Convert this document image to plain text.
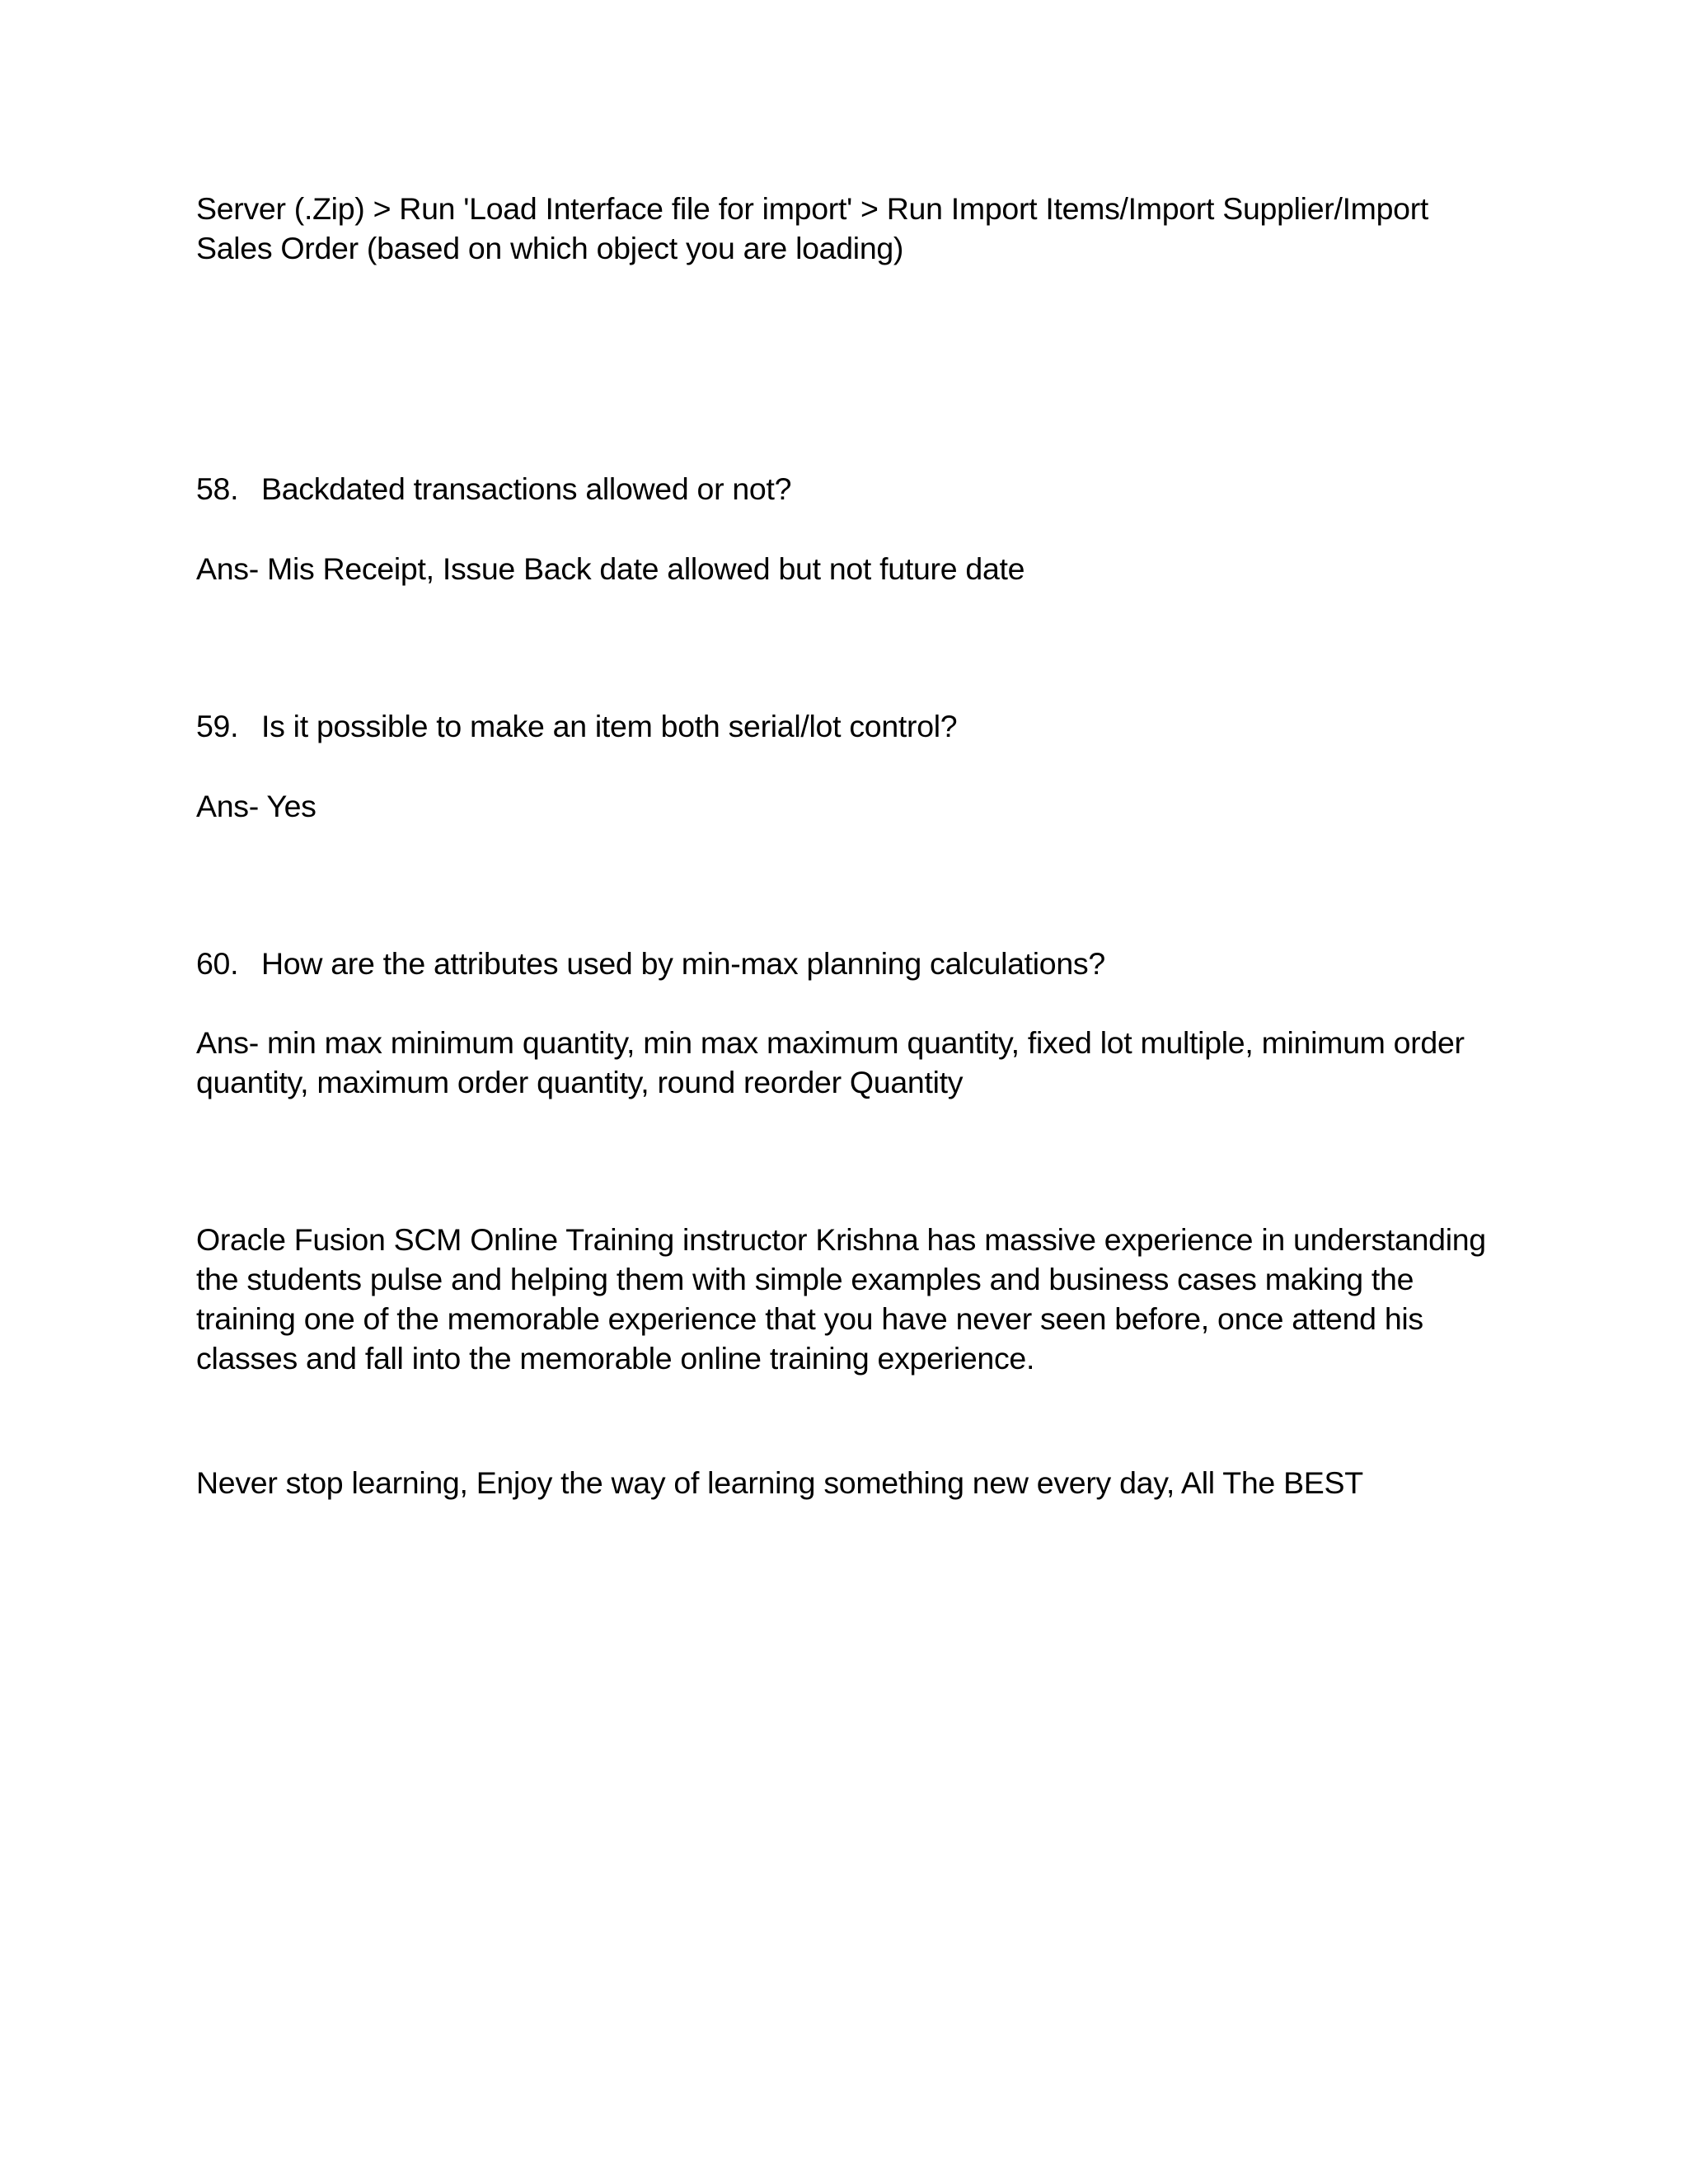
Server (.Zip) > Run 'Load Interface file for import' > Run Import Items/Import Supplier/Import Sales Order (based on which object you are loading)

58. Backdated transactions allowed or not?

Ans- Mis Receipt, Issue Back date allowed but not future date

59. Is it possible to make an item both serial/lot control?

Ans- Yes

60. How are the attributes used by min-max planning calculations?

Ans- min max minimum quantity, min max maximum quantity, fixed lot multiple, minimum order quantity, maximum order quantity, round reorder Quantity

Oracle Fusion SCM Online Training instructor Krishna has massive experience in understanding the students pulse and helping them with simple examples and business cases making the training one of the memorable experience that you have never seen before, once attend his classes and fall into the memorable online training experience.

Never stop learning, Enjoy the way of learning something new every day, All The BEST
